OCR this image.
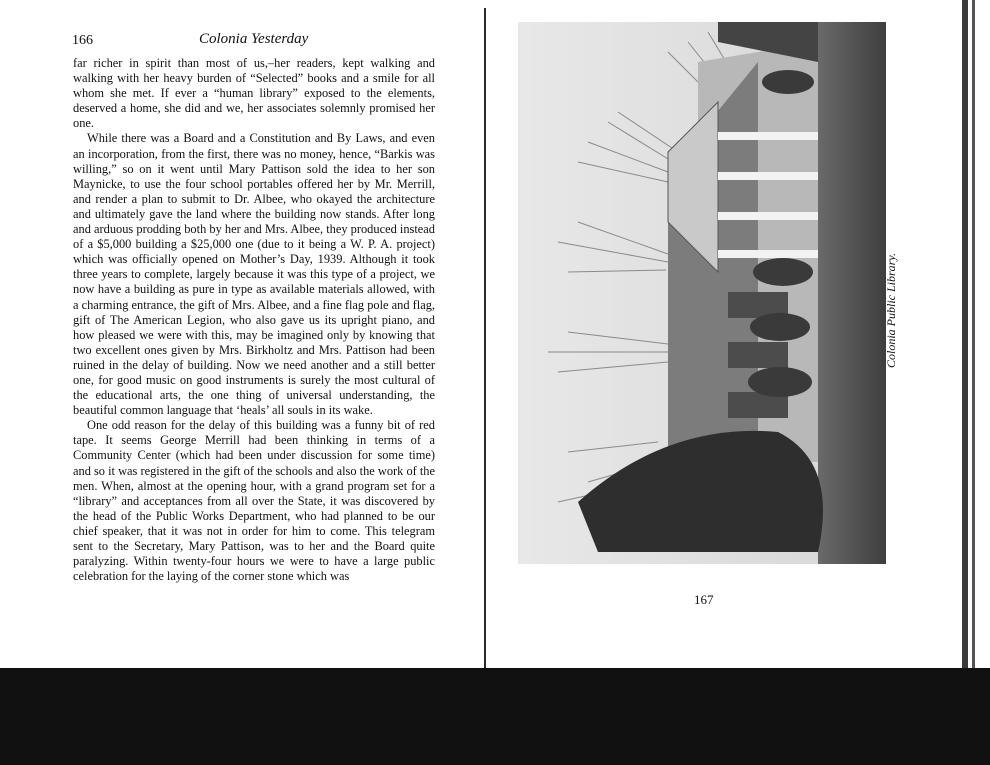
166	Colonia Yesterday

far richer in spirit than most of us,–her readers, kept walking and walking with her heavy burden of “Selected” books and a smile for all whom she met. If ever a “human library” exposed to the elements, deserved a home, she did and we, her associates solemnly promised her one.

While there was a Board and a Constitution and By Laws, and even an incorporation, from the first, there was no money, hence, “Barkis was willing,” so on it went until Mary Pattison sold the idea to her son Maynicke, to use the four school portables offered her by Mr. Merrill, and render a plan to submit to Dr. Albee, who okayed the architecture and ultimately gave the land where the building now stands. After long and arduous prodding both by her and Mrs. Albee, they produced instead of a $5,000 building a $25,000 one (due to it being a W. P. A. project) which was officially opened on Mother’s Day, 1939. Although it took three years to complete, largely because it was this type of a project, we now have a building as pure in type as available materials allowed, with a charming entrance, the gift of Mrs. Albee, and a fine flag pole and flag, gift of The American Legion, who also gave us its upright piano, and how pleased we were with this, may be imagined only by knowing that two excellent ones given by Mrs. Birkholtz and Mrs. Pattison had been ruined in the delay of building. Now we need another and a still better one, for good music on good instruments is surely the most cultural of the educational arts, the one thing of universal understanding, the beautiful common language that ‘heals’ all souls in its wake.

One odd reason for the delay of this building was a funny bit of red tape. It seems George Merrill had been thinking in terms of a Community Center (which had been under discussion for some time) and so it was registered in the gift of the schools and also the work of the men. When, almost at the opening hour, with a grand program set for a “library” and acceptances from all over the State, it was discovered by the head of the Public Works Department, who had planned to be our chief speaker, that it was not in order for him to come. This telegram sent to the Secretary, Mary Pattison, was to her and the Board quite paralyzing. Within twenty-four hours we were to have a large public celebration for the laying of the corner stone which was

Colonia Public Library.
167
